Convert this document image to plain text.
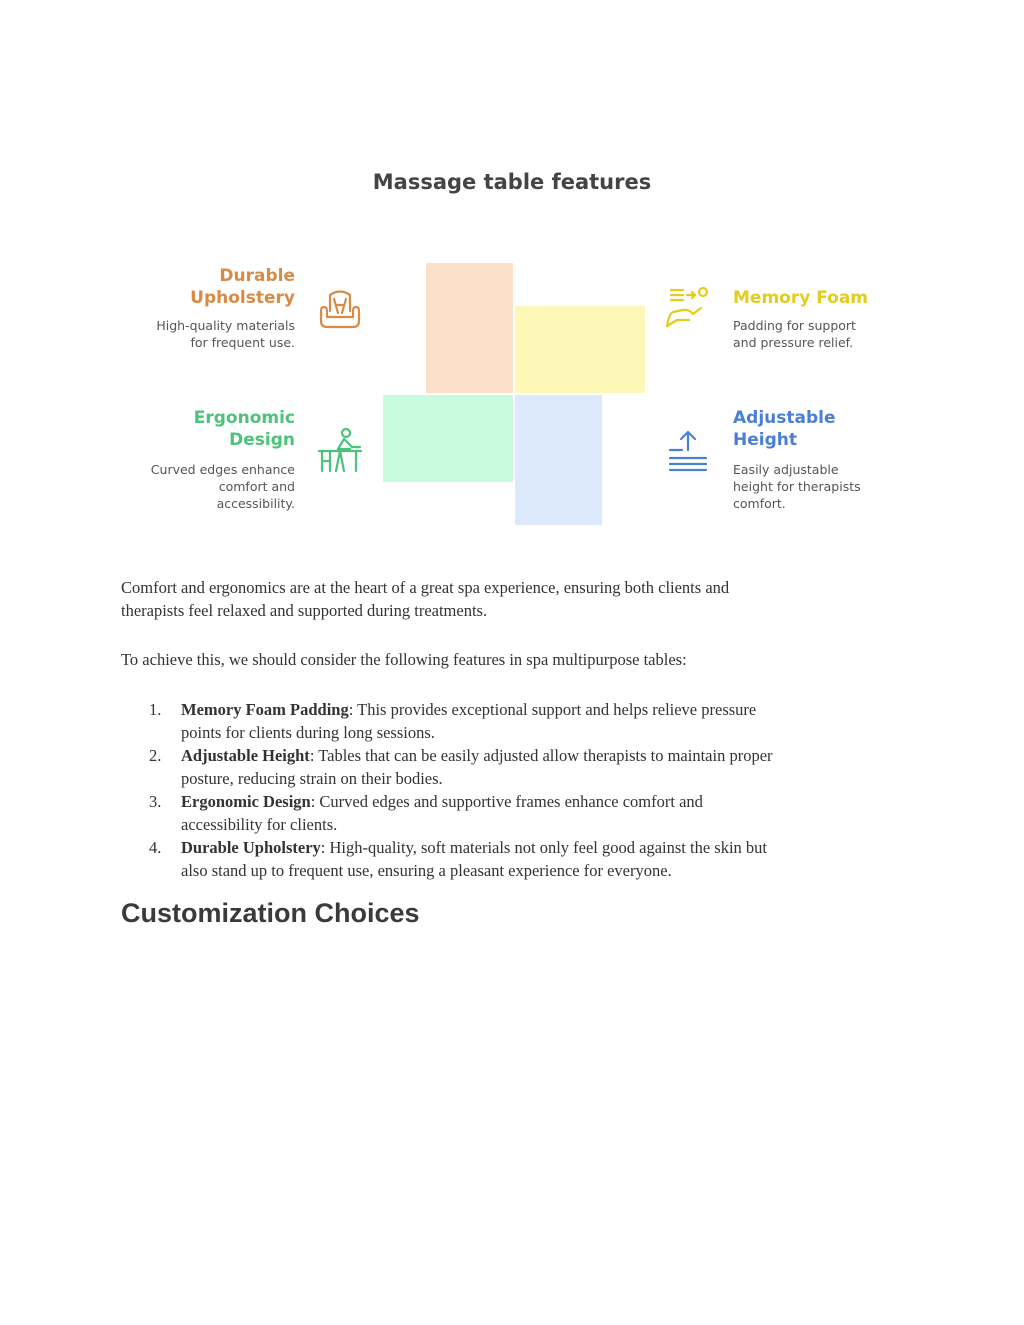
Massage table features
Durable
Upholstery
High-quality materials
for frequent use.
Memory Foam
Padding for support
and pressure relief.
Ergonomic
Design
Curved edges enhance
comfort and
accessibility.
Adjustable
Height
Easily adjustable
height for therapists
comfort.
Comfort and ergonomics are at the heart of a great spa experience, ensuring both clients and
therapists feel relaxed and supported during treatments.
To achieve this, we should consider the following features in spa multipurpose tables:
1. Memory Foam Padding: This provides exceptional support and helps relieve pressure
points for clients during long sessions.
2. Adjustable Height: Tables that can be easily adjusted allow therapists to maintain proper
posture, reducing strain on their bodies.
3. Ergonomic Design: Curved edges and supportive frames enhance comfort and
accessibility for clients.
4. Durable Upholstery: High-quality, soft materials not only feel good against the skin but
also stand up to frequent use, ensuring a pleasant experience for everyone.
Customization Choices
